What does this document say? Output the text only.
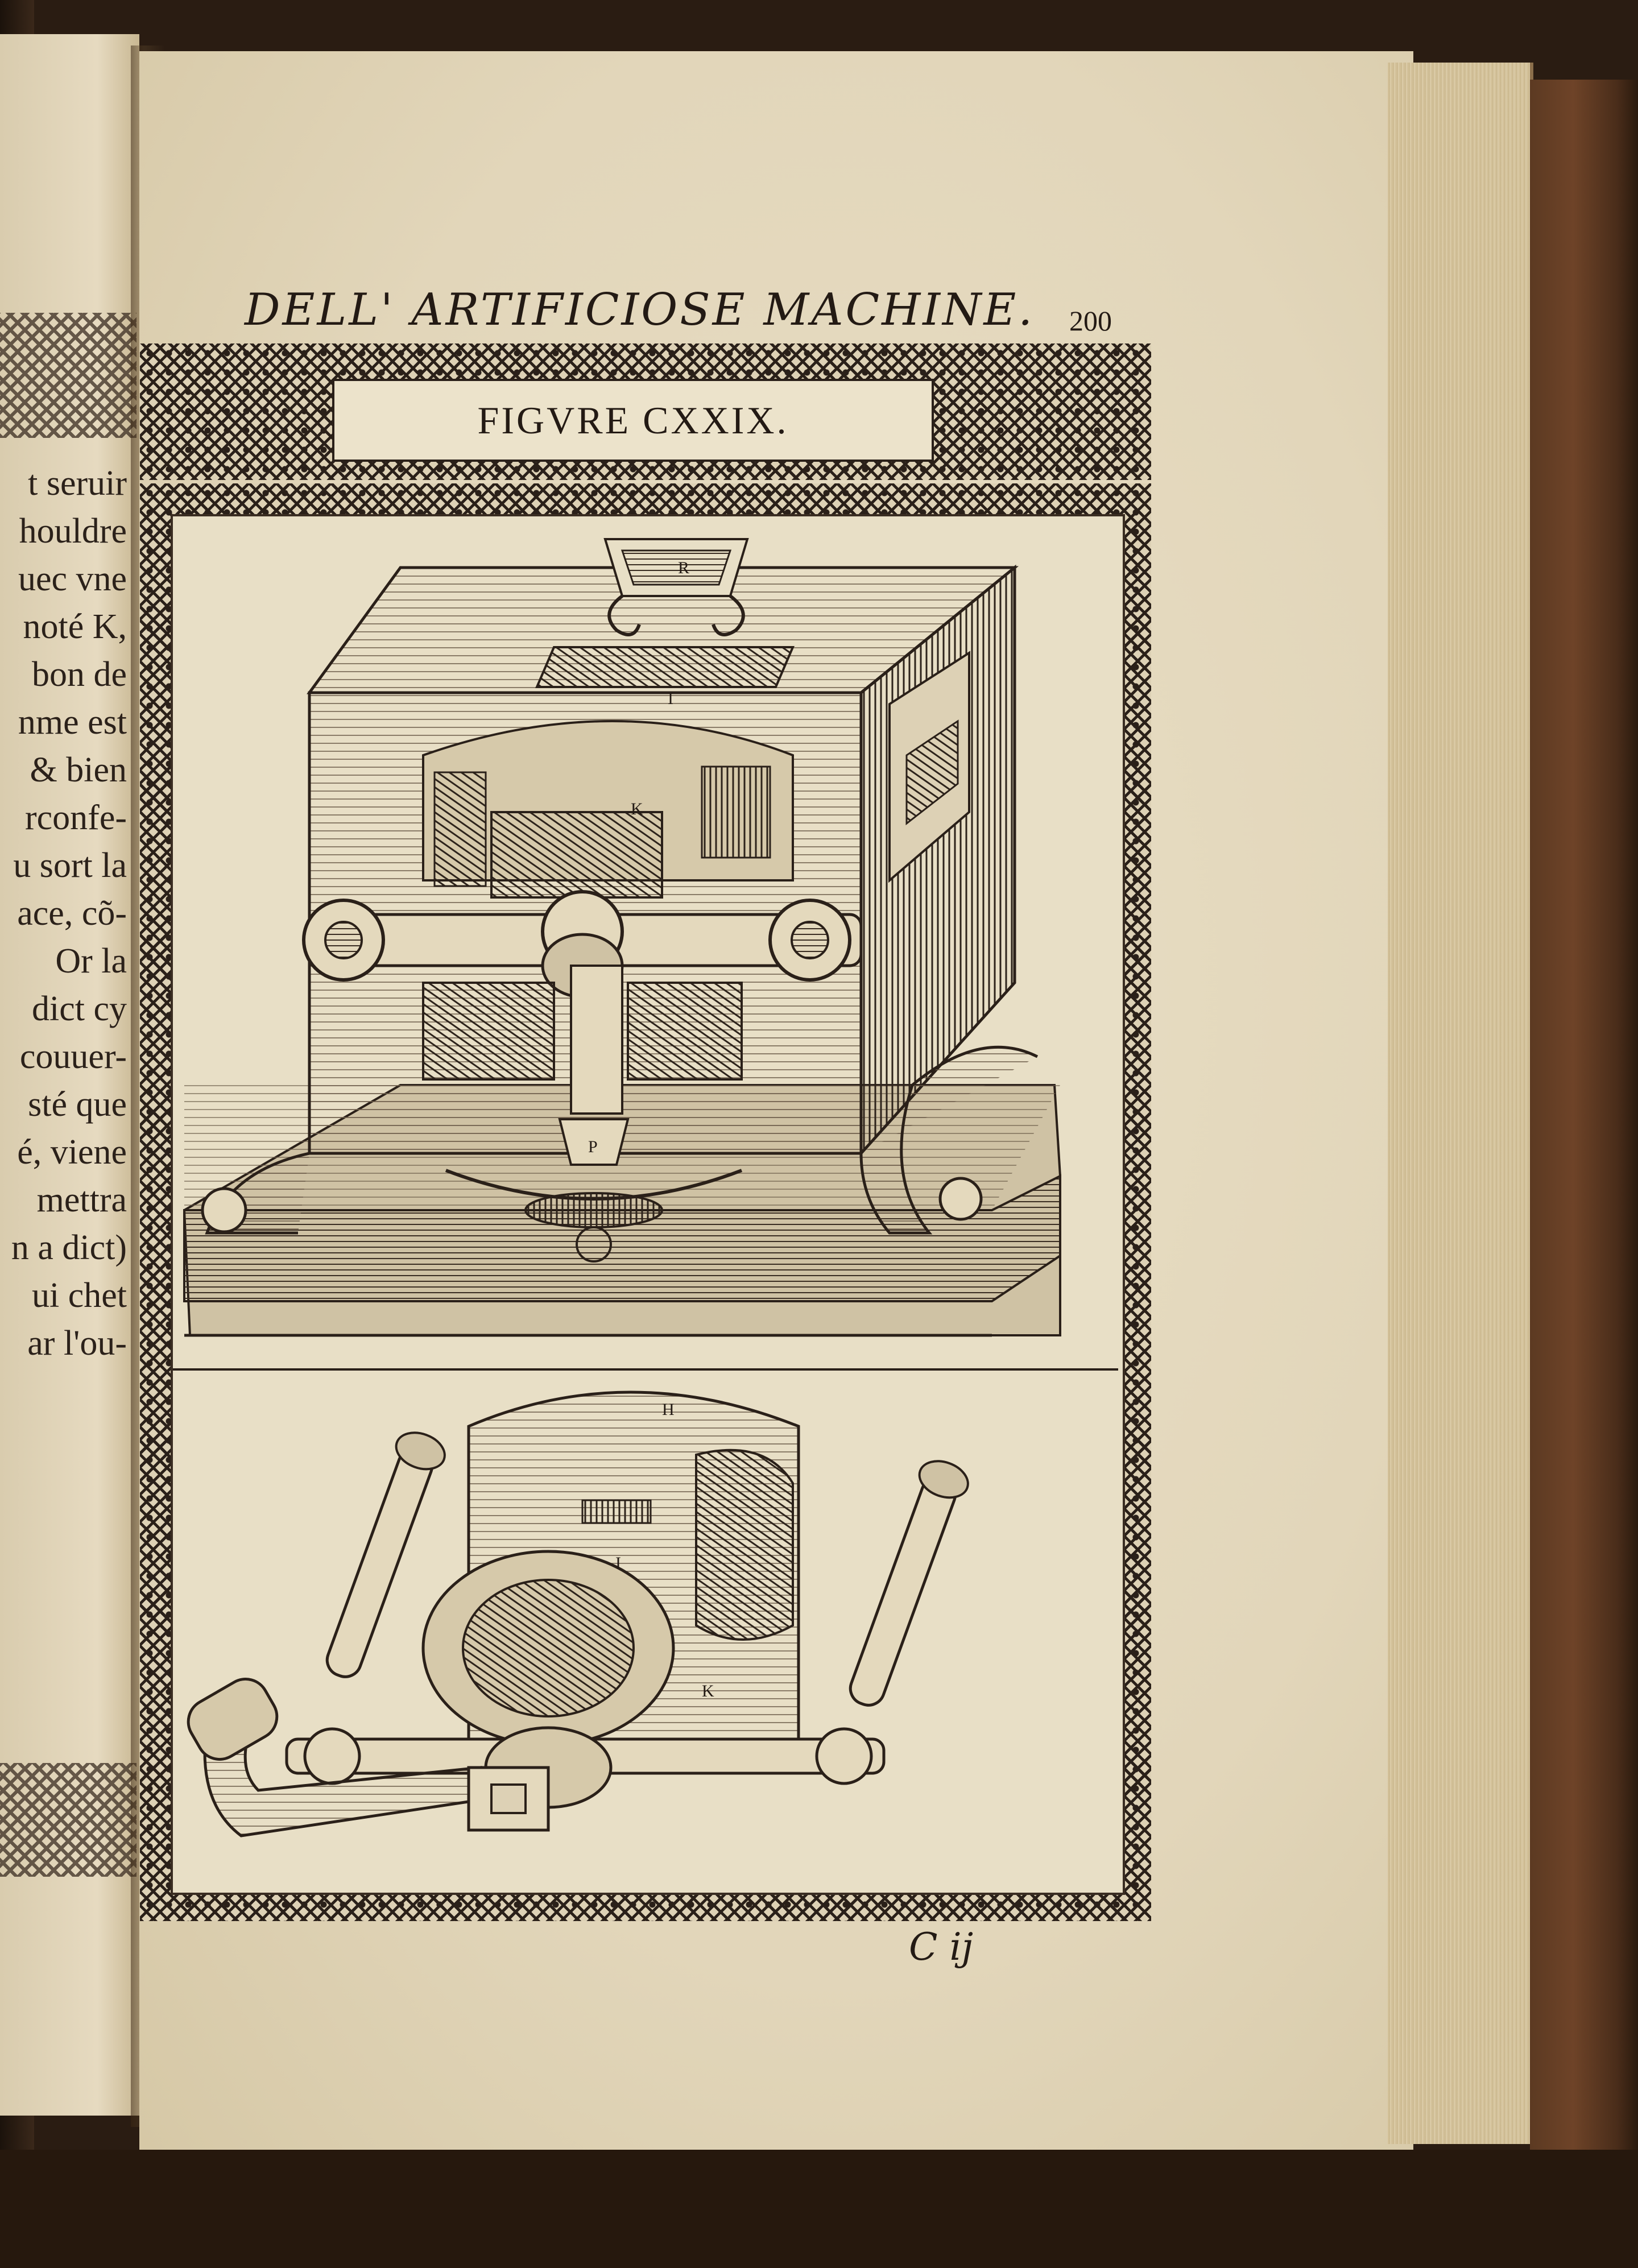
t seruir
houldre
uec vne
noté K,
bon de
nme est
& bien
rconfe-
u sort la
ace, cõ-
Or la
dict cy
couuer-
sté que
é, viene
mettra
n a dict)
ui chet
ar l'ou-
DELL' ARTIFICIOSE MACHINE. 200
FIGVRE CXXIX.
R
I
K
P
H
I
K
C ij
